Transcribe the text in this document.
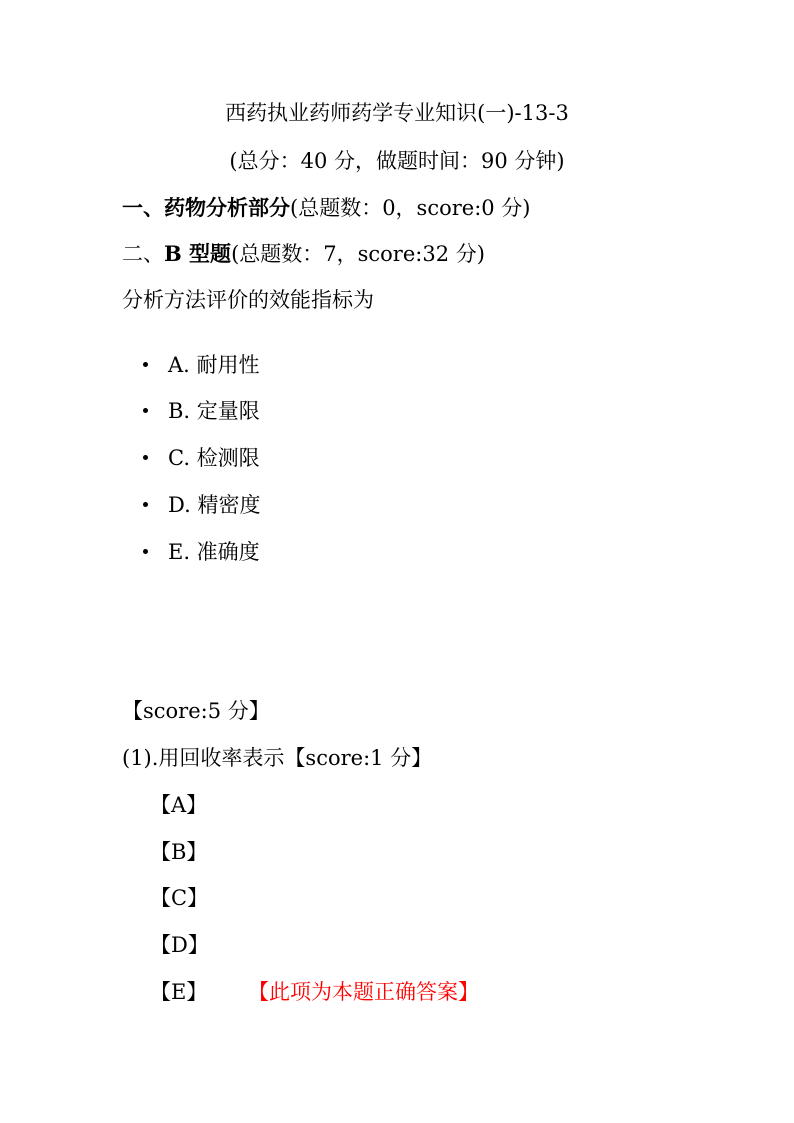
西药执业药师药学专业知识(一)-13-3
(总分：40 分，做题时间：90 分钟)
一、药物分析部分(总题数：0，score:0 分)
二、B 型题(总题数：7，score:32 分)
分析方法评价的效能指标为
A. 耐用性
B. 定量限
C. 检测限
D. 精密度
E. 准确度
【score:5 分】
(1).用回收率表示【score:1 分】
【A】
【B】
【C】
【D】
【E】 【此项为本题正确答案】
